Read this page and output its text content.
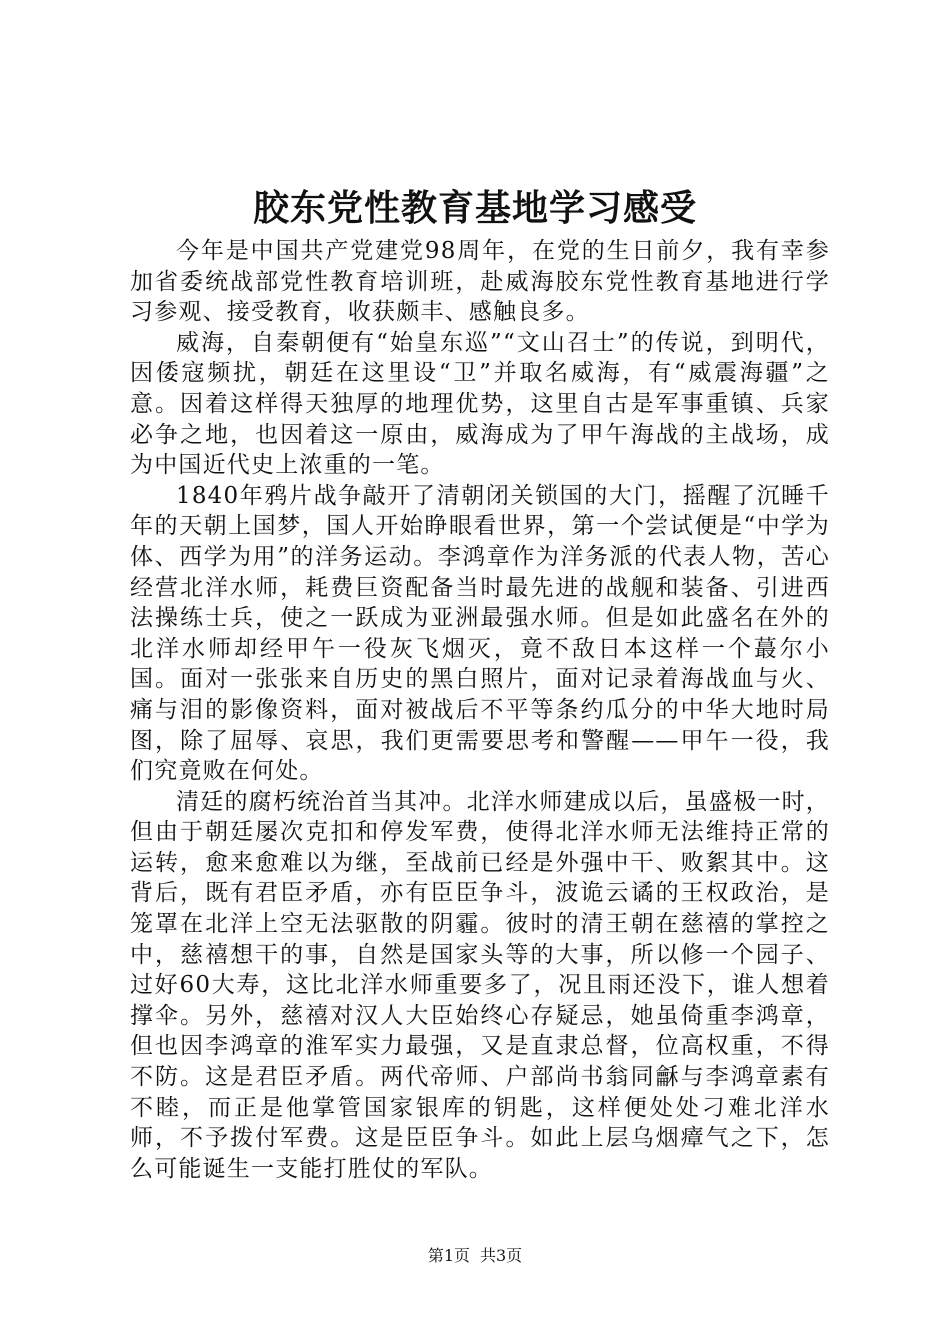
胶东党性教育基地学习感受

今年是中国共产党建党98周年，在党的生日前夕，我有幸参加省委统战部党性教育培训班，赴威海胶东党性教育基地进行学习参观、接受教育，收获颇丰、感触良多。

威海，自秦朝便有“始皇东巡”“文山召士”的传说，到明代，因倭寇频扰，朝廷在这里设“卫”并取名威海，有“威震海疆”之意。因着这样得天独厚的地理优势，这里自古是军事重镇、兵家必争之地，也因着这一原由，威海成为了甲午海战的主战场，成为中国近代史上浓重的一笔。

1840年鸦片战争敲开了清朝闭关锁国的大门，摇醒了沉睡千年的天朝上国梦，国人开始睁眼看世界，第一个尝试便是“中学为体、西学为用”的洋务运动。李鸿章作为洋务派的代表人物，苦心经营北洋水师，耗费巨资配备当时最先进的战舰和装备、引进西法操练士兵，使之一跃成为亚洲最强水师。但是如此盛名在外的北洋水师却经甲午一役灰飞烟灭，竟不敌日本这样一个蕞尔小国。面对一张张来自历史的黑白照片，面对记录着海战血与火、痛与泪的影像资料，面对被战后不平等条约瓜分的中华大地时局图，除了屈辱、哀思，我们更需要思考和警醒——甲午一役，我们究竟败在何处。

清廷的腐朽统治首当其冲。北洋水师建成以后，虽盛极一时，但由于朝廷屡次克扣和停发军费，使得北洋水师无法维持正常的运转，愈来愈难以为继，至战前已经是外强中干、败絮其中。这背后，既有君臣矛盾，亦有臣臣争斗，波诡云谲的王权政治，是笼罩在北洋上空无法驱散的阴霾。彼时的清王朝在慈禧的掌控之中，慈禧想干的事，自然是国家头等的大事，所以修一个园子、过好60大寿，这比北洋水师重要多了，况且雨还没下，谁人想着撑伞。另外，慈禧对汉人大臣始终心存疑忌，她虽倚重李鸿章，但也因李鸿章的淮军实力最强，又是直隶总督，位高权重，不得不防。这是君臣矛盾。两代帝师、户部尚书翁同龢与李鸿章素有不睦，而正是他掌管国家银库的钥匙，这样便处处刁难北洋水师，不予拨付军费。这是臣臣争斗。如此上层乌烟瘴气之下，怎么可能诞生一支能打胜仗的军队。

第1页 共3页
